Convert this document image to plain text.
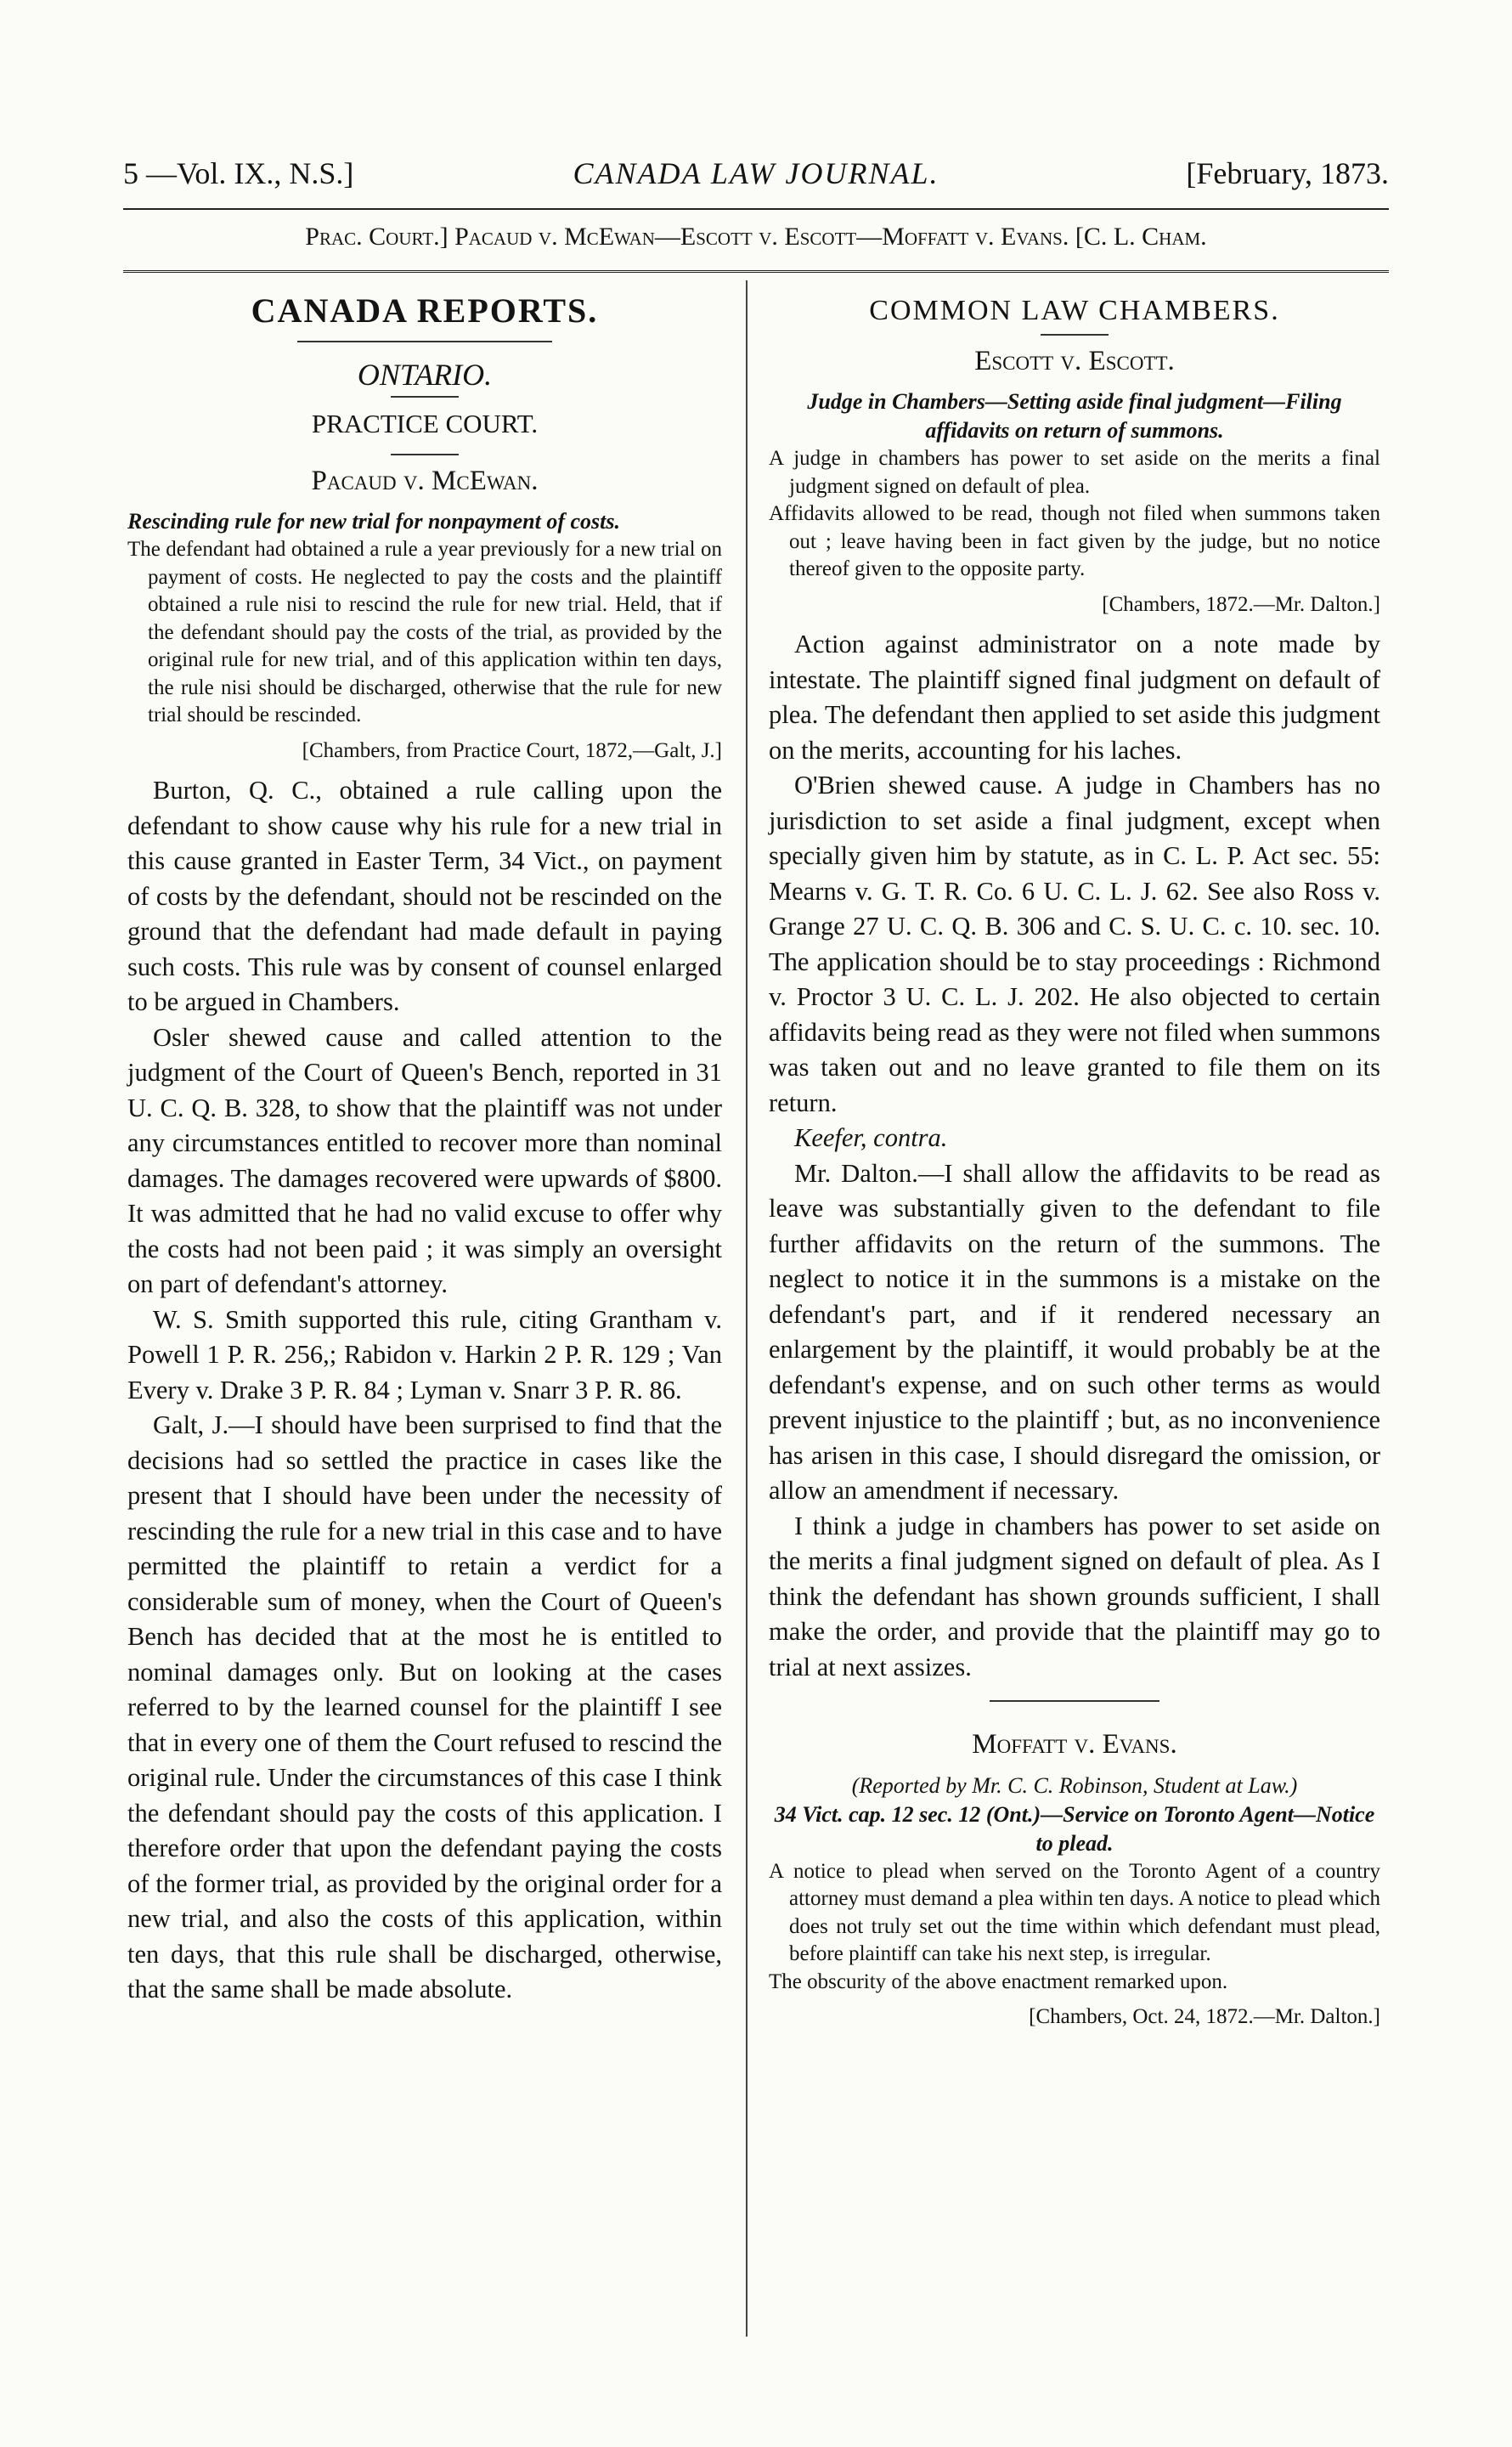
5 —Vol. IX., N.S.]	CANADA LAW JOURNAL.	[February, 1873.
Prac. Court.] Pacaud v. McEwan—Escott v. Escott—Moffatt v. Evans. [C. L. Cham.
CANADA REPORTS.
ONTARIO.
PRACTICE COURT.
Pacaud v. McEwan.
Rescinding rule for new trial for nonpayment of costs.

The defendant had obtained a rule a year previously for a new trial on payment of costs. He neglected to pay the costs and the plaintiff obtained a rule nisi to rescind the rule for new trial. Held, that if the defendant should pay the costs of the trial, as provided by the original rule for new trial, and of this application within ten days, the rule nisi should be discharged, otherwise that the rule for new trial should be rescinded.

[Chambers, from Practice Court, 1872,—Galt, J.]

Burton, Q. C., obtained a rule calling upon the defendant to show cause why his rule for a new trial in this cause granted in Easter Term, 34 Vict., on payment of costs by the defendant, should not be rescinded on the ground that the defendant had made default in paying such costs. This rule was by consent of counsel enlarged to be argued in Chambers.

Osler shewed cause and called attention to the judgment of the Court of Queen's Bench, reported in 31 U. C. Q. B. 328, to show that the plaintiff was not under any circumstances entitled to recover more than nominal damages. The damages recovered were upwards of $800. It was admitted that he had no valid excuse to offer why the costs had not been paid ; it was simply an oversight on part of defendant's attorney.

W. S. Smith supported this rule, citing Grantham v. Powell 1 P. R. 256,; Rabidon v. Harkin 2 P. R. 129 ; Van Every v. Drake 3 P. R. 84 ; Lyman v. Snarr 3 P. R. 86.

Galt, J.—I should have been surprised to find that the decisions had so settled the practice in cases like the present that I should have been under the necessity of rescinding the rule for a new trial in this case and to have permitted the plaintiff to retain a verdict for a considerable sum of money, when the Court of Queen's Bench has decided that at the most he is entitled to nominal damages only. But on looking at the cases referred to by the learned counsel for the plaintiff I see that in every one of them the Court refused to rescind the original rule. Under the circumstances of this case I think the defendant should pay the costs of this application. I therefore order that upon the defendant paying the costs of the former trial, as provided by the original order for a new trial, and also the costs of this application, within ten days, that this rule shall be discharged, otherwise, that the same shall be made absolute.

COMMON LAW CHAMBERS.
Escott v. Escott.
Judge in Chambers—Setting aside final judgment—Filing affidavits on return of summons.

A judge in chambers has power to set aside on the merits a final judgment signed on default of plea.

Affidavits allowed to be read, though not filed when summons taken out ; leave having been in fact given by the judge, but no notice thereof given to the opposite party.

[Chambers, 1872.—Mr. Dalton.]

Action against administrator on a note made by intestate. The plaintiff signed final judgment on default of plea. The defendant then applied to set aside this judgment on the merits, accounting for his laches.

O'Brien shewed cause. A judge in Chambers has no jurisdiction to set aside a final judgment, except when specially given him by statute, as in C. L. P. Act sec. 55: Mearns v. G. T. R. Co. 6 U. C. L. J. 62. See also Ross v. Grange 27 U. C. Q. B. 306 and C. S. U. C. c. 10. sec. 10. The application should be to stay proceedings : Richmond v. Proctor 3 U. C. L. J. 202. He also objected to certain affidavits being read as they were not filed when summons was taken out and no leave granted to file them on its return.

Keefer, contra.

Mr. Dalton.—I shall allow the affidavits to be read as leave was substantially given to the defendant to file further affidavits on the return of the summons. The neglect to notice it in the summons is a mistake on the defendant's part, and if it rendered necessary an enlargement by the plaintiff, it would probably be at the defendant's expense, and on such other terms as would prevent injustice to the plaintiff ; but, as no inconvenience has arisen in this case, I should disregard the omission, or allow an amendment if necessary.

I think a judge in chambers has power to set aside on the merits a final judgment signed on default of plea. As I think the defendant has shown grounds sufficient, I shall make the order, and provide that the plaintiff may go to trial at next assizes.

Moffatt v. Evans.
(Reported by Mr. C. C. Robinson, Student at Law.)
34 Vict. cap. 12 sec. 12 (Ont.)—Service on Toronto Agent—Notice to plead.

A notice to plead when served on the Toronto Agent of a country attorney must demand a plea within ten days. A notice to plead which does not truly set out the time within which defendant must plead, before plaintiff can take his next step, is irregular.

The obscurity of the above enactment remarked upon.

[Chambers, Oct. 24, 1872.—Mr. Dalton.]
